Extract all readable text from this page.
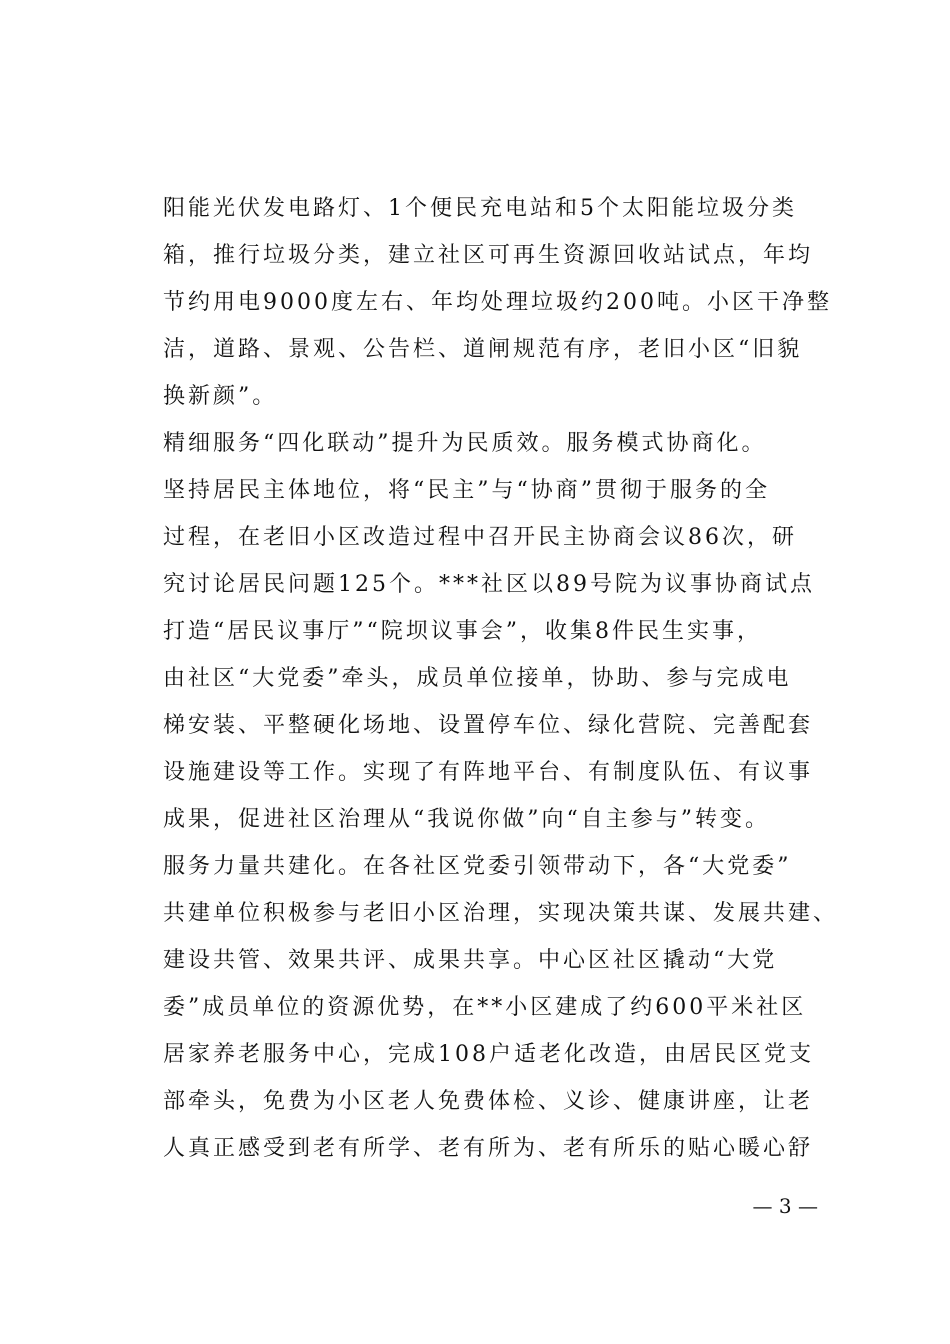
阳能光伏发电路灯、1个便民充电站和5个太阳能垃圾分类
箱，推行垃圾分类，建立社区可再生资源回收站试点，年均
节约用电9000度左右、年均处理垃圾约200吨。小区干净整
洁，道路、景观、公告栏、道闸规范有序，老旧小区“旧貌
换新颜”。
精细服务“四化联动”提升为民质效。服务模式协商化。
坚持居民主体地位，将“民主”与“协商”贯彻于服务的全
过程，在老旧小区改造过程中召开民主协商会议86次，研
究讨论居民问题125个。***社区以89号院为议事协商试点
打造“居民议事厅”“院坝议事会”，收集8件民生实事，
由社区“大党委”牵头，成员单位接单，协助、参与完成电
梯安装、平整硬化场地、设置停车位、绿化营院、完善配套
设施建设等工作。实现了有阵地平台、有制度队伍、有议事
成果，促进社区治理从“我说你做”向“自主参与”转变。
服务力量共建化。在各社区党委引领带动下，各“大党委”
共建单位积极参与老旧小区治理，实现决策共谋、发展共建、
建设共管、效果共评、成果共享。中心区社区撬动“大党
委”成员单位的资源优势，在**小区建成了约600平米社区
居家养老服务中心，完成108户适老化改造，由居民区党支
部牵头，免费为小区老人免费体检、义诊、健康讲座，让老
人真正感受到老有所学、老有所为、老有所乐的贴心暖心舒
— 3 —
